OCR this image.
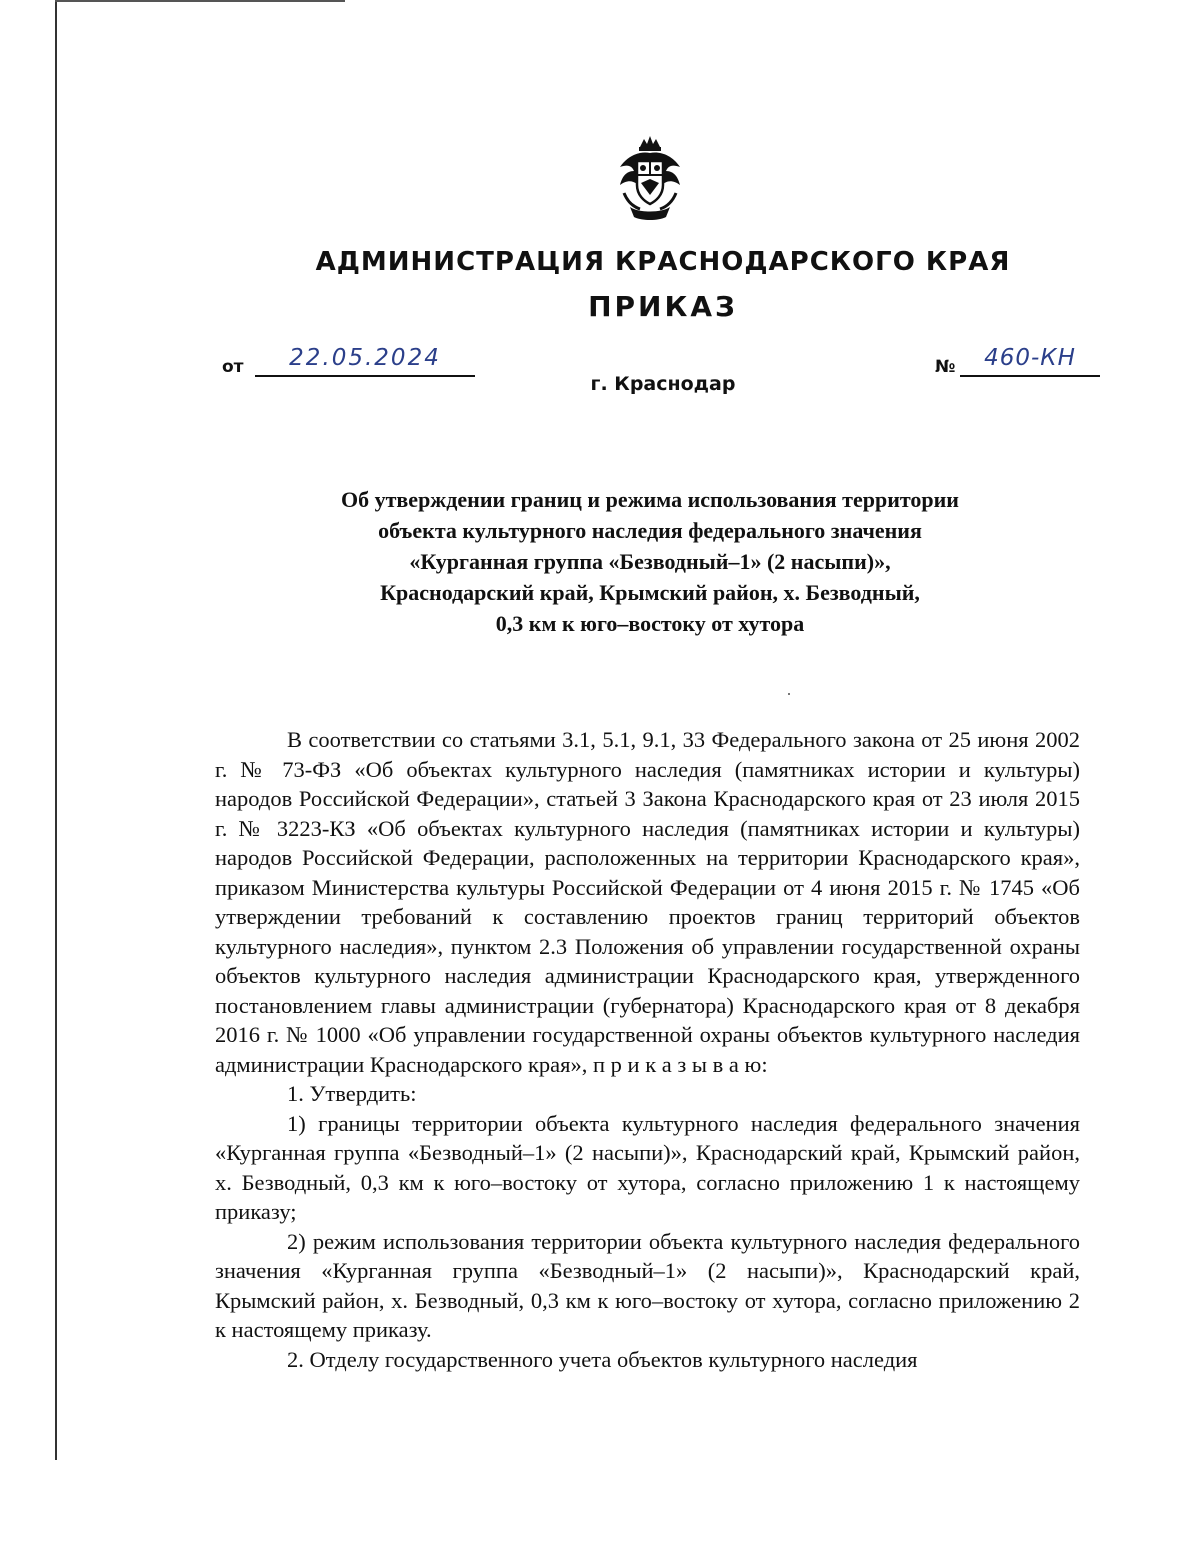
АДМИНИСТРАЦИЯ КРАСНОДАРСКОГО КРАЯ
ПРИКАЗ
от	22.05.2024
г. Краснодар
№	460-КН
Об утверждении границ и режима использования территории
объекта культурного наследия федерального значения
«Курганная группа «Безводный–1» (2 насыпи)»,
Краснодарский край, Крымский район, х. Безводный,
0,3 км к юго–востоку от хутора

В соответствии со статьями 3.1, 5.1, 9.1, 33 Федерального закона от 25 июня 2002 г. № 73-ФЗ «Об объектах культурного наследия (памятниках истории и культуры) народов Российской Федерации», статьей 3 Закона Краснодарского края от 23 июля 2015 г. № 3223-КЗ «Об объектах культурного наследия (памятниках истории и культуры) народов Российской Федерации, расположенных на территории Краснодарского края», приказом Министерства культуры Российской Федерации от 4 июня 2015 г. № 1745 «Об утверждении требований к составлению проектов границ территорий объектов культурного наследия», пунктом 2.3 Положения об управлении государственной охраны объектов культурного наследия администрации Краснодарского края, утвержденного постановлением главы администрации (губернатора) Краснодарского края от 8 декабря 2016 г. № 1000 «Об управлении государственной охраны объектов культурного наследия администрации Краснодарского края», п р и к а з ы в а ю:

1. Утвердить:

1) границы территории объекта культурного наследия федерального значения «Курганная группа «Безводный–1» (2 насыпи)», Краснодарский край, Крымский район, х. Безводный, 0,3 км к юго–востоку от хутора, согласно приложению 1 к настоящему приказу;

2) режим использования территории объекта культурного наследия федерального значения «Курганная группа «Безводный–1» (2 насыпи)», Краснодарский край, Крымский район, х. Безводный, 0,3 км к юго–востоку от хутора, согласно приложению 2 к настоящему приказу.

2. Отделу государственного учета объектов культурного наследия
